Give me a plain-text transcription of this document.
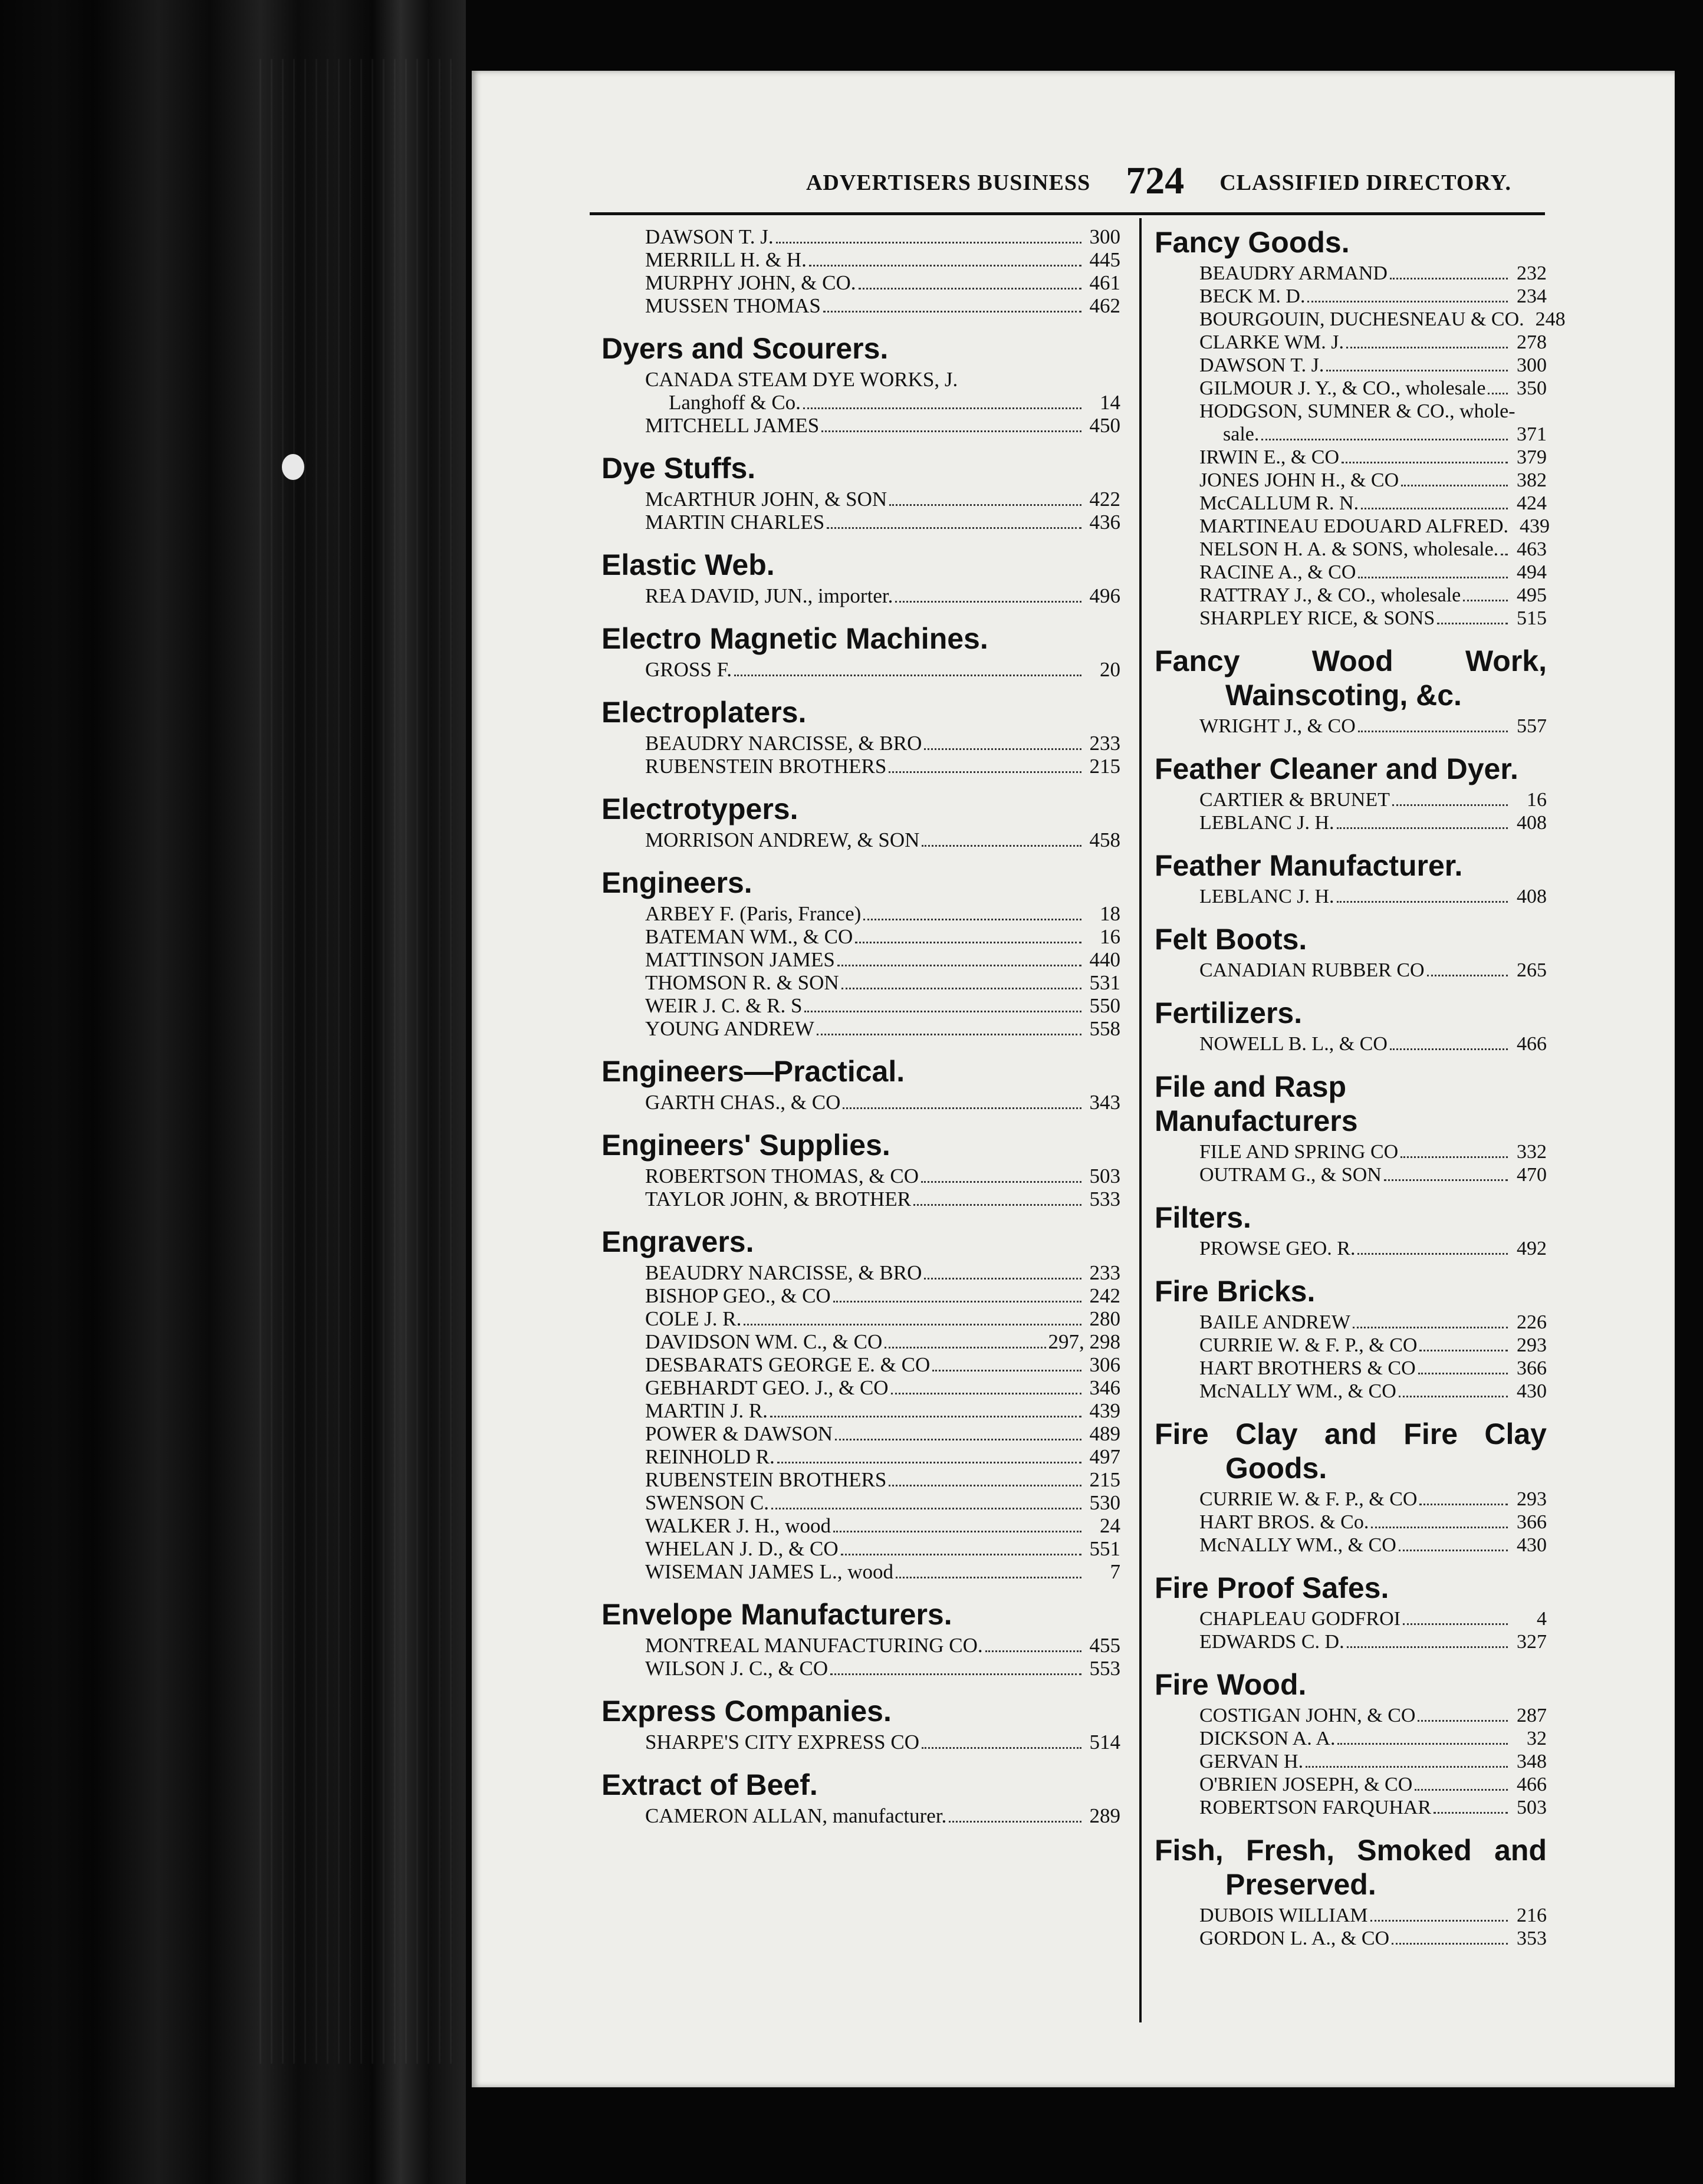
ADVERTISERS BUSINESS 724 CLASSIFIED DIRECTORY.
DAWSON T. J.	300
MERRILL H. & H.	445
MURPHY JOHN, & CO.	461
MUSSEN THOMAS	462
Dyers and Scourers.
CANADA STEAM DYE WORKS, J.
Langhoff & Co.	14
MITCHELL JAMES	450
Dye Stuffs.
McARTHUR JOHN, & SON	422
MARTIN CHARLES	436
Elastic Web.
REA DAVID, JUN., importer.	496
Electro Magnetic Machines.
GROSS F.	20
Electroplaters.
BEAUDRY NARCISSE, & BRO	233
RUBENSTEIN BROTHERS	215
Electrotypers.
MORRISON ANDREW, & SON	458
Engineers.
ARBEY F. (Paris, France)	18
BATEMAN WM., & CO	16
MATTINSON JAMES	440
THOMSON R. & SON	531
WEIR J. C. & R. S	550
YOUNG ANDREW	558
Engineers—Practical.
GARTH CHAS., & CO	343
Engineers' Supplies.
ROBERTSON THOMAS, & CO	503
TAYLOR JOHN, & BROTHER	533
Engravers.
BEAUDRY NARCISSE, & BRO	233
BISHOP GEO., & CO	242
COLE J. R.	280
DAVIDSON WM. C., & CO	297, 298
DESBARATS GEORGE E. & CO	306
GEBHARDT GEO. J., & CO	346
MARTIN J. R.	439
POWER & DAWSON	489
REINHOLD R.	497
RUBENSTEIN BROTHERS	215
SWENSON C.	530
WALKER J. H., wood	24
WHELAN J. D., & CO	551
WISEMAN JAMES L., wood	7
Envelope Manufacturers.
MONTREAL MANUFACTURING CO.	455
WILSON J. C., & CO	553
Express Companies.
SHARPE'S CITY EXPRESS CO	514
Extract of Beef.
CAMERON ALLAN, manufacturer.	289
Fancy Goods.
BEAUDRY ARMAND	232
BECK M. D.	234
BOURGOUIN, DUCHESNEAU & CO. 248
CLARKE WM. J.	278
DAWSON T. J.	300
GILMOUR J. Y., & CO., wholesale	350
HODGSON, SUMNER & CO., whole-
sale.	371
IRWIN E., & CO	379
JONES JOHN H., & CO	382
McCALLUM R. N.	424
MARTINEAU EDOUARD ALFRED. 439
NELSON H. A. & SONS, wholesale. 463
RACINE A., & CO	494
RATTRAY J., & CO., wholesale	495
SHARPLEY RICE, & SONS	515
Fancy Wood Work, Wainscoting, &c.
WRIGHT J., & CO	557
Feather Cleaner and Dyer.
CARTIER & BRUNET	16
LEBLANC J. H.	408
Feather Manufacturer.
LEBLANC J. H.	408
Felt Boots.
CANADIAN RUBBER CO	265
Fertilizers.
NOWELL B. L., & CO	466
File and Rasp Manufacturers
FILE AND SPRING CO	332
OUTRAM G., & SON	470
Filters.
PROWSE GEO. R.	492
Fire Bricks.
BAILE ANDREW	226
CURRIE W. & F. P., & CO	293
HART BROTHERS & CO	366
McNALLY WM., & CO	430
Fire Clay and Fire Clay Goods.
CURRIE W. & F. P., & CO	293
HART BROS. & Co.	366
McNALLY WM., & CO	430
Fire Proof Safes.
CHAPLEAU GODFROI	4
EDWARDS C. D.	327
Fire Wood.
COSTIGAN JOHN, & CO	287
DICKSON A. A.	32
GERVAN H.	348
O'BRIEN JOSEPH, & CO	466
ROBERTSON FARQUHAR	503
Fish, Fresh, Smoked and Preserved.
DUBOIS WILLIAM	216
GORDON L. A., & CO	353
